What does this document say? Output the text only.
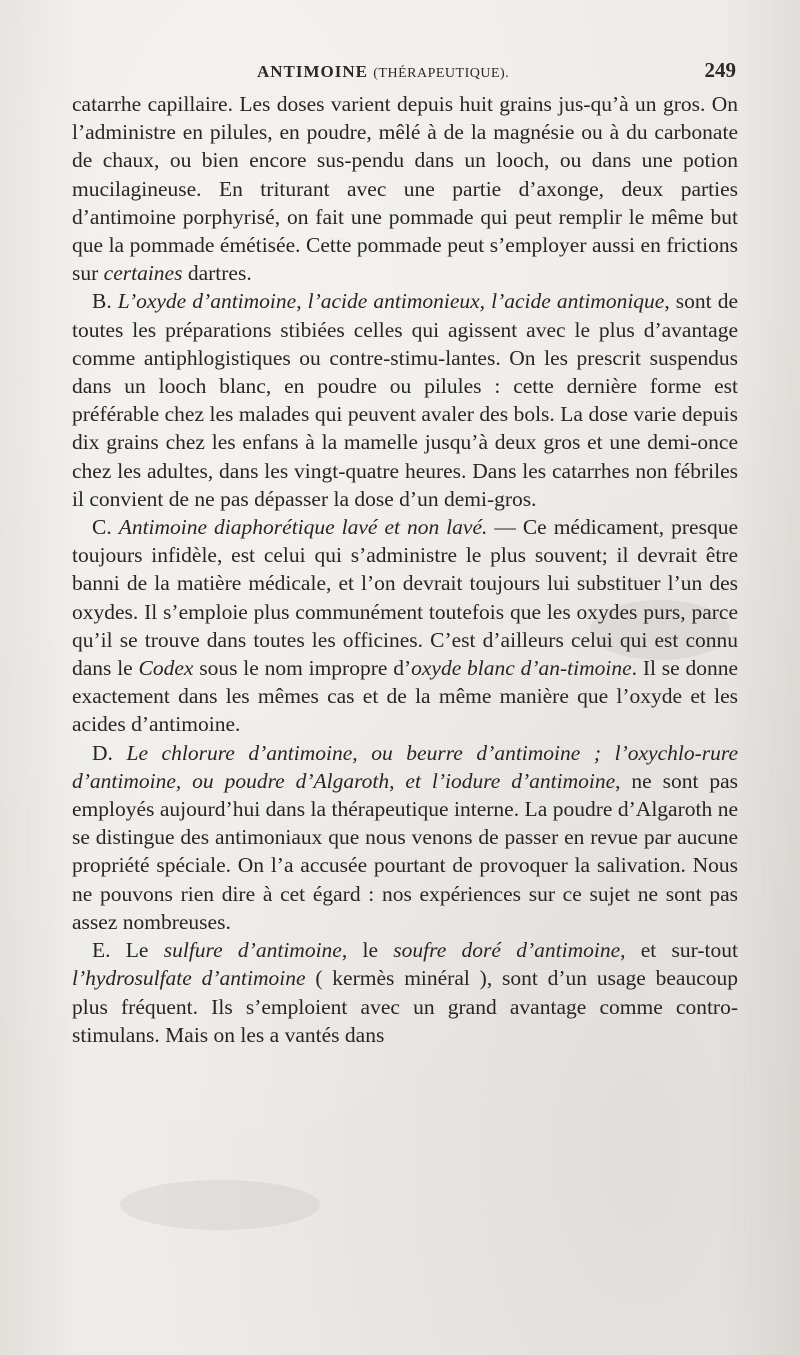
ANTIMOINE (THÉRAPEUTIQUE).	249

catarrhe capillaire. Les doses varient depuis huit grains jus-qu’à un gros. On l’administre en pilules, en poudre, mêlé à de la magnésie ou à du carbonate de chaux, ou bien encore sus-pendu dans un looch, ou dans une potion mucilagineuse. En triturant avec une partie d’axonge, deux parties d’antimoine porphyrisé, on fait une pommade qui peut remplir le même but que la pommade émétisée. Cette pommade peut s’employer aussi en frictions sur certaines dartres.

B. L’oxyde d’antimoine, l’acide antimonieux, l’acide antimonique, sont de toutes les préparations stibiées celles qui agissent avec le plus d’avantage comme antiphlogistiques ou contre-stimu-lantes. On les prescrit suspendus dans un looch blanc, en poudre ou pilules : cette dernière forme est préférable chez les malades qui peuvent avaler des bols. La dose varie depuis dix grains chez les enfans à la mamelle jusqu’à deux gros et une demi-once chez les adultes, dans les vingt-quatre heures. Dans les catarrhes non fébriles il convient de ne pas dépasser la dose d’un demi-gros.

C. Antimoine diaphorétique lavé et non lavé. — Ce médicament, presque toujours infidèle, est celui qui s’administre le plus souvent; il devrait être banni de la matière médicale, et l’on devrait toujours lui substituer l’un des oxydes. Il s’emploie plus communément toutefois que les oxydes purs, parce qu’il se trouve dans toutes les officines. C’est d’ailleurs celui qui est connu dans le Codex sous le nom impropre d’oxyde blanc d’an-timoine. Il se donne exactement dans les mêmes cas et de la même manière que l’oxyde et les acides d’antimoine.

D. Le chlorure d’antimoine, ou beurre d’antimoine ; l’oxychlo-rure d’antimoine, ou poudre d’Algaroth, et l’iodure d’antimoine, ne sont pas employés aujourd’hui dans la thérapeutique interne. La poudre d’Algaroth ne se distingue des antimoniaux que nous venons de passer en revue par aucune propriété spéciale. On l’a accusée pourtant de provoquer la salivation. Nous ne pouvons rien dire à cet égard : nos expériences sur ce sujet ne sont pas assez nombreuses.

E. Le sulfure d’antimoine, le soufre doré d’antimoine, et sur-tout l’hydrosulfate d’antimoine ( kermès minéral ), sont d’un usage beaucoup plus fréquent. Ils s’emploient avec un grand avantage comme contro-stimulans. Mais on les a vantés dans
